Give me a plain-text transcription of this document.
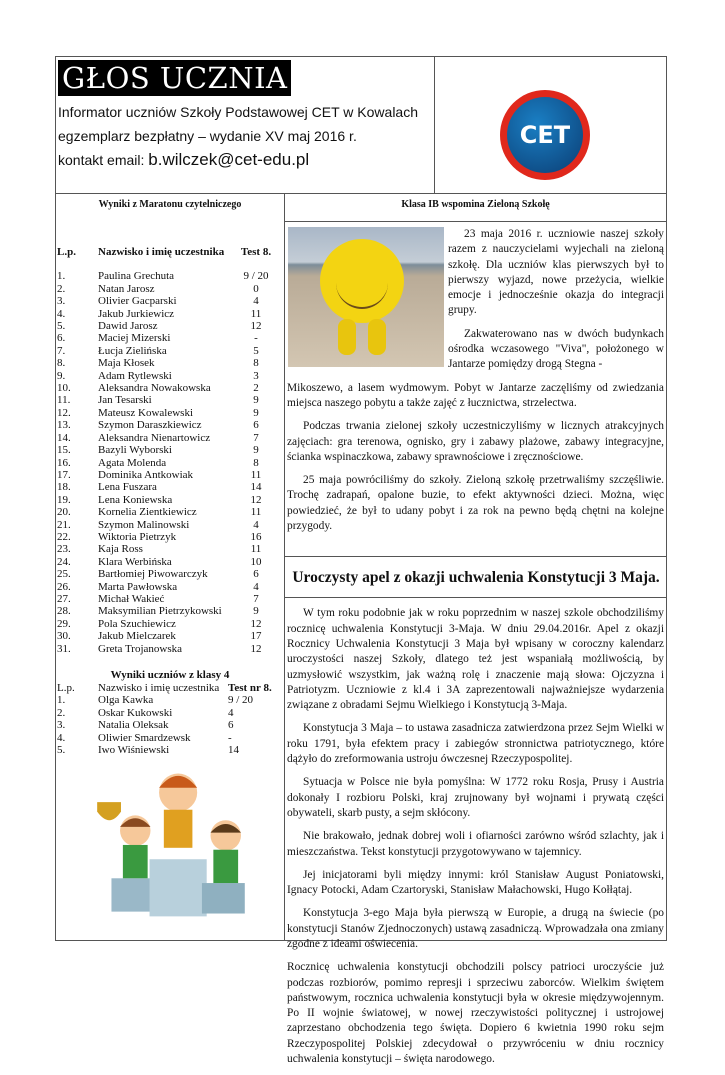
GŁOS UCZNIA
Informator uczniów Szkoły Podstawowej CET w Kowalach
egzemplarz bezpłatny – wydanie XV maj 2016 r.
kontakt email: b.wilczek@cet-edu.pl
CET
Wyniki z Maratonu czytelniczego	Klasa IB wspomina Zieloną Szkołę
L.p.	Nazwisko i imię uczestnika	Test 8.
1.	Paulina Grechuta	9 / 20
2.	Natan Jarosz	0
3.	Olivier Gacparski	4
4.	Jakub Jurkiewicz	11
5.	Dawid Jarosz	12
6.	Maciej Mizerski	-
7.	Łucja Zielińska	5
8.	Maja Kłosek	8
9.	Adam Rytlewski	3
10.	Aleksandra Nowakowska	2
11.	Jan Tesarski	9
12.	Mateusz Kowalewski	9
13.	Szymon Daraszkiewicz	6
14.	Aleksandra Nienartowicz	7
15.	Bazyli Wyborski	9
16.	Agata Molenda	8
17.	Dominika Antkowiak	11
18.	Lena Fuszara	14
19.	Lena Koniewska	12
20.	Kornelia Zientkiewicz	11
21.	Szymon Malinowski	4
22.	Wiktoria Pietrzyk	16
23.	Kaja Ross	11
24.	Klara Werbińska	10
25.	Bartłomiej Piwowarczyk	6
26.	Marta Pawłowska	4
27.	Michał Wakieć	7
28.	Maksymilian Pietrzykowski	9
29.	Pola Szuchiewicz	12
30.	Jakub Mielczarek	17
31.	Greta Trojanowska	12
Wyniki uczniów z klasy 4
L.p.	Nazwisko i imię uczestnika	Test nr 8.
1.	Olga Kawka	9 / 20
2.	Oskar Kukowski	4
3.	Natalia Oleksak	6
4.	Oliwier Smardzewsk	-
5.	Iwo Wiśniewski	14

23 maja 2016 r. uczniowie naszej szkoły razem z nauczycielami wyjechali na zieloną szkołę. Dla uczniów klas pierwszych był to pierwszy wyjazd, nowe przeżycia, wielkie emocje i jednocześnie okazja do integracji grupy.

Zakwaterowano nas w dwóch budynkach ośrodka wczasowego "Viva", położonego w Jantarze pomiędzy drogą Stegna -

Mikoszewo, a lasem wydmowym. Pobyt w Jantarze zaczęliśmy od zwiedzania miejsca naszego pobytu a także zajęć z łucznictwa, strzelectwa.

Podczas trwania zielonej szkoły uczestniczyliśmy w licznych atrakcyjnych zajęciach: gra terenowa, ognisko, gry i zabawy plażowe, zabawy integracyjne, ścianka wspinaczkowa, zabawy sprawnościowe i zręcznościowe.

25 maja powróciliśmy do szkoły. Zieloną szkołę przetrwaliśmy szczęśliwie. Trochę zadrapań, opalone buzie, to efekt aktywności dzieci. Można, więc powiedzieć, że był to udany pobyt i za rok na pewno będą chętni na kolejne przygody.

Uroczysty apel z okazji uchwalenia Konstytucji 3 Maja.

W tym roku podobnie jak w roku poprzednim w naszej szkole obchodziliśmy rocznicę uchwalenia Konstytucji 3-Maja. W dniu 29.04.2016r. Apel z okazji Rocznicy Uchwalenia Konstytucji 3 Maja był wpisany w coroczny kalendarz uroczystości naszej Szkoły, dlatego też jest wspaniałą możliwością, by uzmysłowić wszystkim, jak ważną rolę i znaczenie mają słowa: Ojczyzna i Patriotyzm. Uczniowie z kl.4 i 3A zaprezentowali najważniejsze wydarzenia związane z obradami Sejmu Wielkiego i Konstytucją 3-Maja.

Konstytucja 3 Maja – to ustawa zasadnicza zatwierdzona przez Sejm Wielki w roku 1791, była efektem pracy i zabiegów stronnictwa patriotycznego, które dążyło do zreformowania ustroju ówczesnej Rzeczypospolitej.

Sytuacja w Polsce nie była pomyślna: W 1772 roku Rosja, Prusy i Austria dokonały I rozbioru Polski, kraj zrujnowany był wojnami i prywatą części obywateli, skarb pusty, a sejm skłócony.

Nie brakowało, jednak dobrej woli i ofiarności zarówno wśród szlachty, jak i mieszczaństwa. Tekst konstytucji przygotowywano w tajemnicy.

Jej inicjatorami byli między innymi: król Stanisław August Poniatowski, Ignacy Potocki, Adam Czartoryski, Stanisław Małachowski, Hugo Kołłątaj.

Konstytucja 3-ego Maja była pierwszą w Europie, a drugą na świecie (po konstytucji Stanów Zjednoczonych) ustawą zasadniczą. Wprowadzała ona zmiany zgodne z ideami oświecenia.

Rocznicę uchwalenia konstytucji obchodzili polscy patrioci uroczyście już podczas rozbiorów, pomimo represji i sprzeciwu zaborców. Wielkim świętem państwowym, rocznica uchwalenia konstytucji była w okresie międzywojennym. Po II wojnie światowej, w nowej rzeczywistości politycznej i ustrojowej zaprzestano obchodzenia tego święta. Dopiero 6 kwietnia 1990 roku sejm Rzeczypospolitej Polskiej zdecydował o przywróceniu w dniu rocznicy uchwalenia konstytucji – święta narodowego.
